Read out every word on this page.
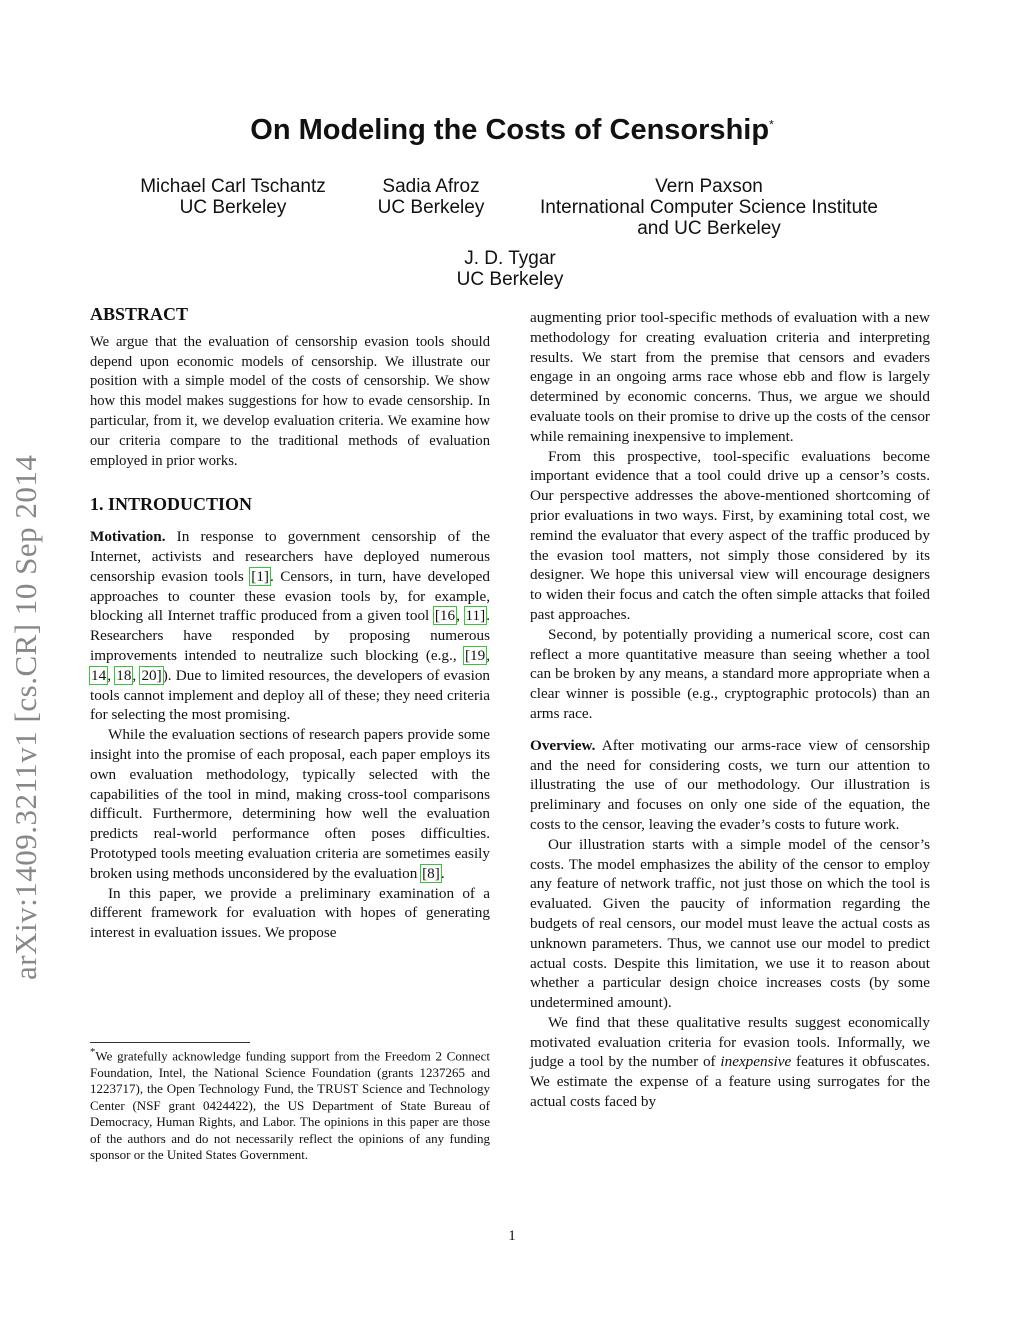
arXiv:1409.3211v1 [cs.CR] 10 Sep 2014
On Modeling the Costs of Censorship*
Michael Carl Tschantz
UC Berkeley
Sadia Afroz
UC Berkeley
Vern Paxson
International Computer Science Institute
and UC Berkeley
J. D. Tygar
UC Berkeley
ABSTRACT

We argue that the evaluation of censorship evasion tools should depend upon economic models of censorship. We illustrate our position with a simple model of the costs of censorship. We show how this model makes suggestions for how to evade censorship. In particular, from it, we develop evaluation criteria. We examine how our criteria compare to the traditional methods of evaluation employed in prior works.

1. INTRODUCTION

Motivation. In response to government censorship of the Internet, activists and researchers have deployed numerous censorship evasion tools [1]. Censors, in turn, have developed approaches to counter these evasion tools by, for example, blocking all Internet traffic produced from a given tool [16, 11]. Researchers have responded by proposing numerous improvements intended to neutralize such blocking (e.g., [19, 14, 18, 20]). Due to limited resources, the developers of evasion tools cannot implement and deploy all of these; they need criteria for selecting the most promising.

While the evaluation sections of research papers provide some insight into the promise of each proposal, each paper employs its own evaluation methodology, typically selected with the capabilities of the tool in mind, making cross-tool comparisons difficult. Furthermore, determining how well the evaluation predicts real-world performance often poses difficulties. Prototyped tools meeting evaluation criteria are sometimes easily broken using methods unconsidered by the evaluation [8].

In this paper, we provide a preliminary examination of a different framework for evaluation with hopes of generating interest in evaluation issues. We propose

*We gratefully acknowledge funding support from the Freedom 2 Connect Foundation, Intel, the National Science Foundation (grants 1237265 and 1223717), the Open Technology Fund, the TRUST Science and Technology Center (NSF grant 0424422), the US Department of State Bureau of Democracy, Human Rights, and Labor. The opinions in this paper are those of the authors and do not necessarily reflect the opinions of any funding sponsor or the United States Government.

augmenting prior tool-specific methods of evaluation with a new methodology for creating evaluation criteria and interpreting results. We start from the premise that censors and evaders engage in an ongoing arms race whose ebb and flow is largely determined by economic concerns. Thus, we argue we should evaluate tools on their promise to drive up the costs of the censor while remaining inexpensive to implement.

From this prospective, tool-specific evaluations become important evidence that a tool could drive up a censor’s costs. Our perspective addresses the above-mentioned shortcoming of prior evaluations in two ways. First, by examining total cost, we remind the evaluator that every aspect of the traffic produced by the evasion tool matters, not simply those considered by its designer. We hope this universal view will encourage designers to widen their focus and catch the often simple attacks that foiled past approaches.

Second, by potentially providing a numerical score, cost can reflect a more quantitative measure than seeing whether a tool can be broken by any means, a standard more appropriate when a clear winner is possible (e.g., cryptographic protocols) than an arms race.

Overview. After motivating our arms-race view of censorship and the need for considering costs, we turn our attention to illustrating the use of our methodology. Our illustration is preliminary and focuses on only one side of the equation, the costs to the censor, leaving the evader’s costs to future work.

Our illustration starts with a simple model of the censor’s costs. The model emphasizes the ability of the censor to employ any feature of network traffic, not just those on which the tool is evaluated. Given the paucity of information regarding the budgets of real censors, our model must leave the actual costs as unknown parameters. Thus, we cannot use our model to predict actual costs. Despite this limitation, we use it to reason about whether a particular design choice increases costs (by some undetermined amount).

We find that these qualitative results suggest economically motivated evaluation criteria for evasion tools. Informally, we judge a tool by the number of inexpensive features it obfuscates. We estimate the expense of a feature using surrogates for the actual costs faced by

1
